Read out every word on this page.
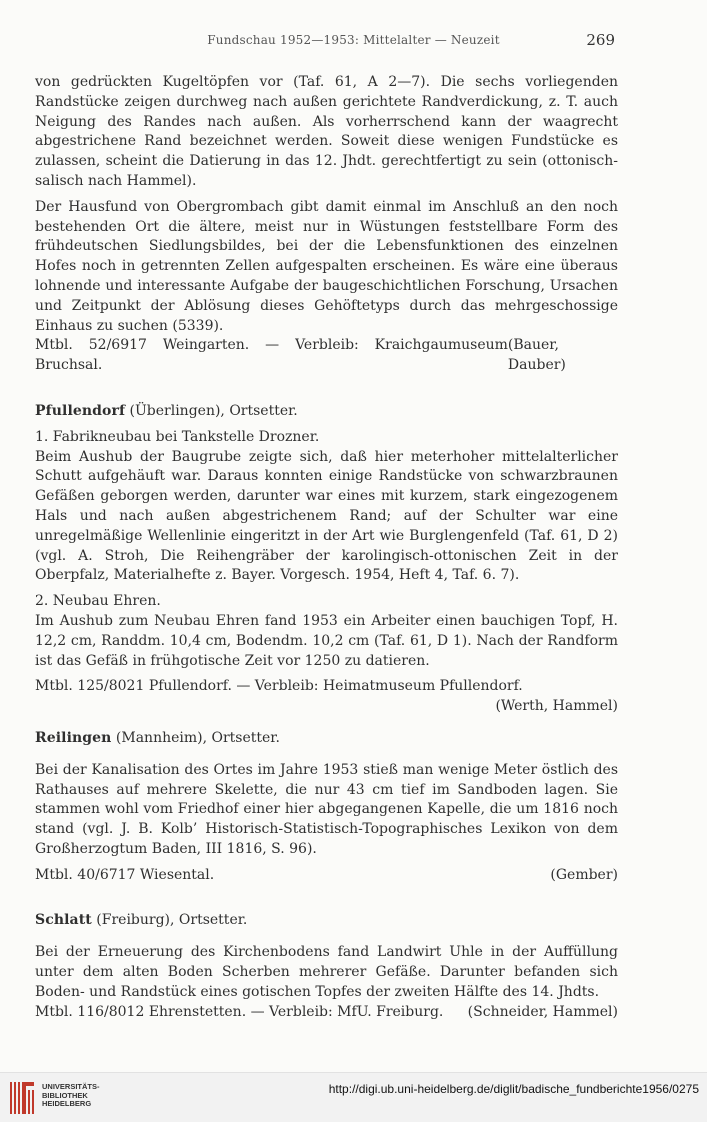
Fundschau 1952—1953: Mittelalter — Neuzeit	269

von gedrückten Kugeltöpfen vor (Taf. 61, A 2—7). Die sechs vorliegenden Randstücke zeigen durchweg nach außen gerichtete Randverdickung, z. T. auch Neigung des Randes nach außen. Als vorherrschend kann der waagrecht abgestrichene Rand bezeichnet werden. Soweit diese wenigen Fundstücke es zulassen, scheint die Datierung in das 12. Jhdt. gerechtfertigt zu sein (ottonisch-salisch nach Hammel).

Der Hausfund von Obergrombach gibt damit einmal im Anschluß an den noch bestehenden Ort die ältere, meist nur in Wüstungen feststellbare Form des frühdeutschen Siedlungsbildes, bei der die Lebensfunktionen des einzelnen Hofes noch in getrennten Zellen aufgespalten erscheinen. Es wäre eine überaus lohnende und interessante Aufgabe der baugeschichtlichen Forschung, Ursachen und Zeitpunkt der Ablösung dieses Gehöftetyps durch das mehrgeschossige Einhaus zu suchen (5339).

Mtbl. 52/6917 Weingarten. — Verbleib: Kraichgaumuseum Bruchsal.
(Bauer, Dauber)

Pfullendorf (Überlingen), Ortsetter.

1. Fabrikneubau bei Tankstelle Drozner.

Beim Aushub der Baugrube zeigte sich, daß hier meterhoher mittelalterlicher Schutt aufgehäuft war. Daraus konnten einige Randstücke von schwarzbraunen Gefäßen geborgen werden, darunter war eines mit kurzem, stark eingezogenem Hals und nach außen abgestrichenem Rand; auf der Schulter war eine unregelmäßige Wellenlinie eingeritzt in der Art wie Burglengenfeld (Taf. 61, D 2) (vgl. A. Stroh, Die Reihengräber der karolingisch-ottonischen Zeit in der Oberpfalz, Materialhefte z. Bayer. Vorgesch. 1954, Heft 4, Taf. 6. 7).

2. Neubau Ehren.

Im Aushub zum Neubau Ehren fand 1953 ein Arbeiter einen bauchigen Topf, H. 12,2 cm, Randdm. 10,4 cm, Bodendm. 10,2 cm (Taf. 61, D 1). Nach der Randform ist das Gefäß in frühgotische Zeit vor 1250 zu datieren.

Mtbl. 125/8021 Pfullendorf. — Verbleib: Heimatmuseum Pfullendorf.

(Werth, Hammel)

Reilingen (Mannheim), Ortsetter.

Bei der Kanalisation des Ortes im Jahre 1953 stieß man wenige Meter östlich des Rathauses auf mehrere Skelette, die nur 43 cm tief im Sandboden lagen. Sie stammen wohl vom Friedhof einer hier abgegangenen Kapelle, die um 1816 noch stand (vgl. J. B. Kolb’ Historisch-Statistisch-Topographisches Lexikon von dem Großherzogtum Baden, III 1816, S. 96).

Mtbl. 40/6717 Wiesental.	(Gember)

Schlatt (Freiburg), Ortsetter.

Bei der Erneuerung des Kirchenbodens fand Landwirt Uhle in der Auffüllung unter dem alten Boden Scherben mehrerer Gefäße. Darunter befanden sich Boden- und Randstück eines gotischen Topfes der zweiten Hälfte des 14. Jhdts.

Mtbl. 116/8012 Ehrenstetten. — Verbleib: MfU. Freiburg. (Schneider, Hammel)
UNIVERSITÄTS-
BIBLIOTHEK
HEIDELBERG
http://digi.ub.uni-heidelberg.de/diglit/badische_fundberichte1956/0275
